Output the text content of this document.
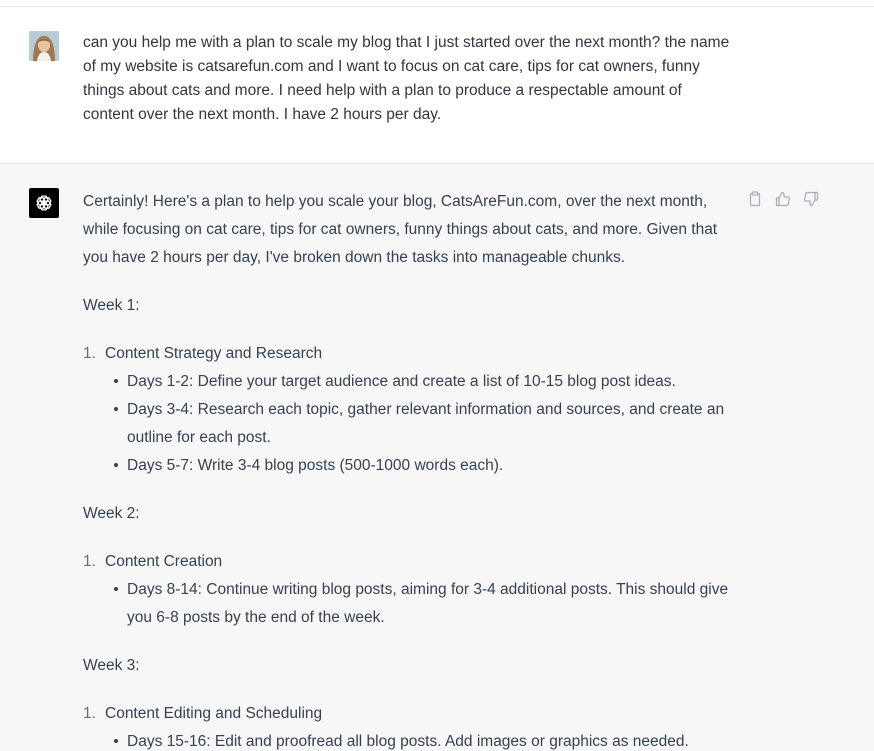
can you help me with a plan to scale my blog that I just started over the next month? the name of my website is catsarefun.com and I want to focus on cat care, tips for cat owners, funny things about cats and more. I need help with a plan to produce a respectable amount of content over the next month. I have 2 hours per day.

Certainly! Here's a plan to help you scale your blog, CatsAreFun.com, over the next month, while focusing on cat care, tips for cat owners, funny things about cats, and more. Given that you have 2 hours per day, I've broken down the tasks into manageable chunks.

Week 1:

1. Content Strategy and Research
Days 1-2: Define your target audience and create a list of 10-15 blog post ideas.
Days 3-4: Research each topic, gather relevant information and sources, and create an outline for each post.
Days 5-7: Write 3-4 blog posts (500-1000 words each).

Week 2:

1. Content Creation
Days 8-14: Continue writing blog posts, aiming for 3-4 additional posts. This should give you 6-8 posts by the end of the week.

Week 3:

1. Content Editing and Scheduling
Days 15-16: Edit and proofread all blog posts. Add images or graphics as needed.
